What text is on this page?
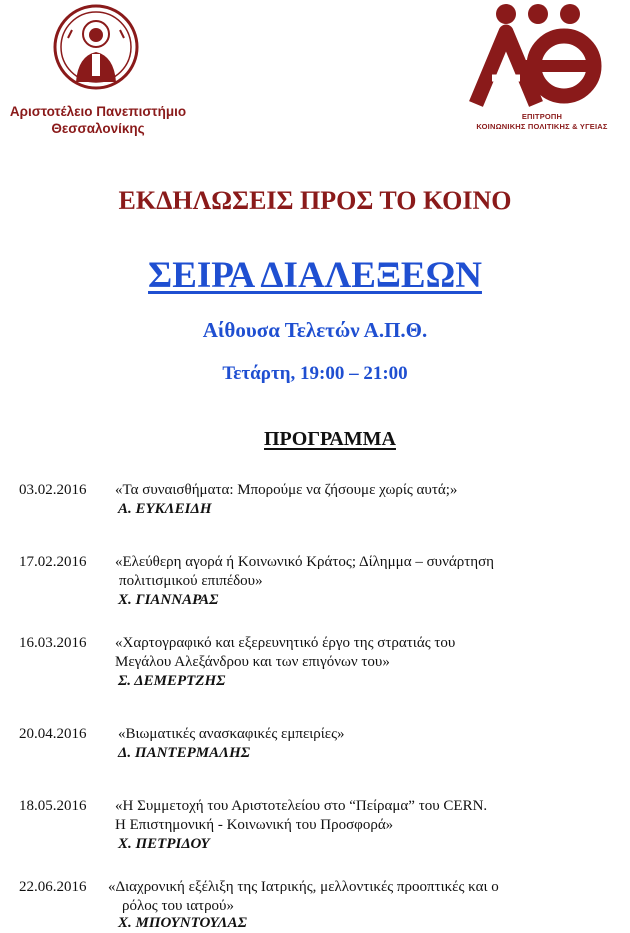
Αριστοτέλειο Πανεπιστήμιο
Θεσσαλονίκης
ΕΠΙΤΡΟΠΗ
ΚΟΙΝΩΝΙΚΗΣ ΠΟΛΙΤΙΚΗΣ & ΥΓΕΙΑΣ
ΕΚΔΗΛΩΣΕΙΣ ΠΡΟΣ ΤΟ ΚΟΙΝΟ
ΣΕΙΡΑ ΔΙΑΛΕΞΕΩΝ
Αίθουσα Τελετών Α.Π.Θ.
Τετάρτη, 19:00 – 21:00
ΠΡΟΓΡΑΜΜΑ
03.02.2016 «Τα συναισθήματα: Μπορούμε να ζήσουμε χωρίς αυτά;»
Α. ΕΥΚΛΕΙΔΗ
17.02.2016 «Ελεύθερη αγορά ή Κοινωνικό Κράτος; Δίλημμα – συνάρτηση
πολιτισμικού επιπέδου»
Χ. ΓΙΑΝΝΑΡΑΣ
16.03.2016 «Χαρτογραφικό και εξερευνητικό έργο της στρατιάς του
Μεγάλου Αλεξάνδρου και των επιγόνων του»
Σ. ΔΕΜΕΡΤΖΗΣ
20.04.2016 «Βιωματικές ανασκαφικές εμπειρίες»
Δ. ΠΑΝΤΕΡΜΑΛΗΣ
18.05.2016 «Η Συμμετοχή του Αριστοτελείου στο “Πείραμα” του CERN.
Η Επιστημονική - Κοινωνική του Προσφορά»
Χ. ΠΕΤΡΙΔΟΥ
22.06.2016 «Διαχρονική εξέλιξη της Ιατρικής, μελλοντικές προοπτικές και ο
ρόλος του ιατρού»
Χ. ΜΠΟΥΝΤΟΥΛΑΣ
